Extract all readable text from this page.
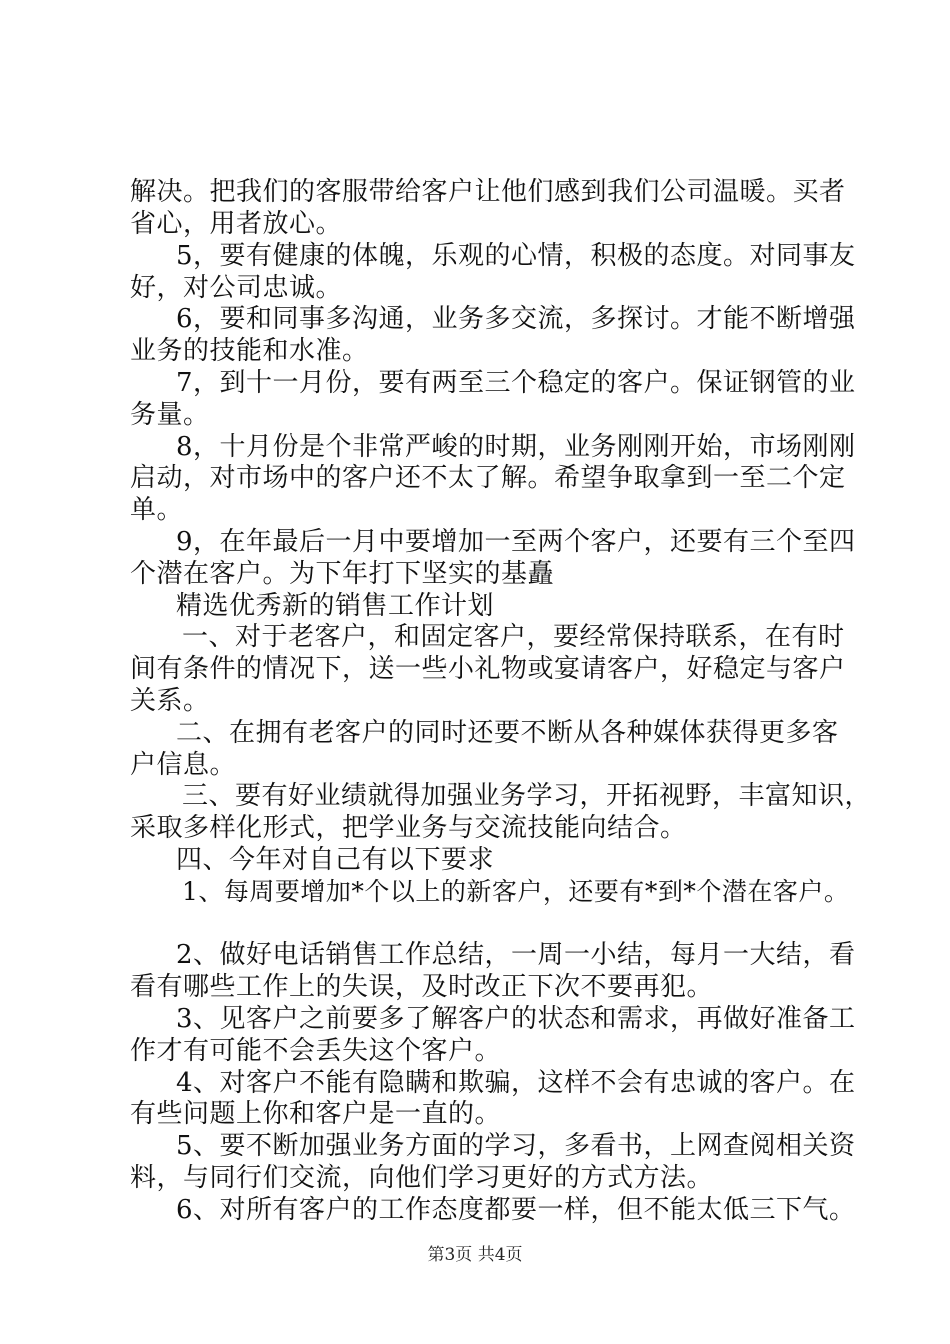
解决。把我们的客服带给客户让他们感到我们公司温暖。买者
省心，用者放心。
5，要有健康的体魄，乐观的心情，积极的态度。对同事友
好，对公司忠诚。
6，要和同事多沟通，业务多交流，多探讨。才能不断增强
业务的技能和水准。
7，到十一月份，要有两至三个稳定的客户。保证钢管的业
务量。
8，十月份是个非常严峻的时期，业务刚刚开始，市场刚刚
启动，对市场中的客户还不太了解。希望争取拿到一至二个定
单。
9，在年最后一月中要增加一至两个客户，还要有三个至四
个潜在客户。为下年打下坚实的基矗
精选优秀新的销售工作计划
一、对于老客户，和固定客户，要经常保持联系，在有时
间有条件的情况下，送一些小礼物或宴请客户，好稳定与客户
关系。
二、在拥有老客户的同时还要不断从各种媒体获得更多客
户信息。
三、要有好业绩就得加强业务学习，开拓视野，丰富知识，
采取多样化形式，把学业务与交流技能向结合。
四、今年对自己有以下要求
1、每周要增加*个以上的新客户，还要有*到*个潜在客户。
2、做好电话销售工作总结，一周一小结，每月一大结，看
看有哪些工作上的失误，及时改正下次不要再犯。
3、见客户之前要多了解客户的状态和需求，再做好准备工
作才有可能不会丢失这个客户。
4、对客户不能有隐瞒和欺骗，这样不会有忠诚的客户。在
有些问题上你和客户是一直的。
5、要不断加强业务方面的学习，多看书，上网查阅相关资
料，与同行们交流，向他们学习更好的方式方法。
6、对所有客户的工作态度都要一样，但不能太低三下气。
第3页 共4页
